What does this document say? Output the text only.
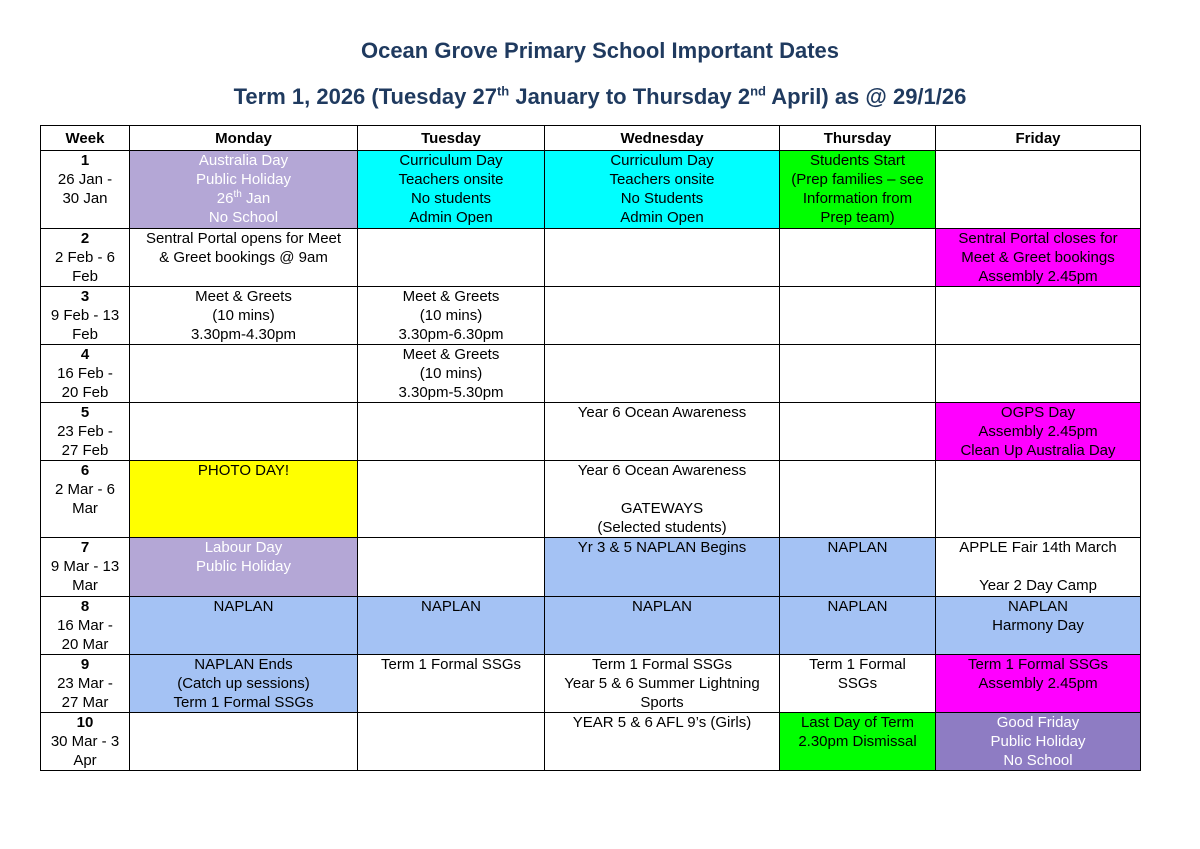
Ocean Grove Primary School Important Dates
Term 1, 2026 (Tuesday 27th January to Thursday 2nd April) as @ 29/1/26
Week	Monday	Tuesday	Wednesday	Thursday	Friday

1
26 Jan -
30 Jan	Australia Day
Public Holiday
26th Jan
No School	Curriculum Day
Teachers onsite
No students
Admin Open	Curriculum Day
Teachers onsite
No Students
Admin Open	Students Start
(Prep families – see
Information from
Prep team)	

2
2 Feb - 6
Feb	Sentral Portal opens for Meet
& Greet bookings @ 9am				Sentral Portal closes for
Meet & Greet bookings
Assembly 2.45pm

3
9 Feb - 13
Feb	Meet & Greets
(10 mins)
3.30pm-4.30pm	Meet & Greets
(10 mins)
3.30pm-6.30pm			

4
16 Feb -
20 Feb		Meet & Greets
(10 mins)
3.30pm-5.30pm			

5
23 Feb -
27 Feb			Year 6 Ocean Awareness		OGPS Day
Assembly 2.45pm
Clean Up Australia Day

6
2 Mar - 6
Mar	PHOTO DAY!		Year 6 Ocean Awareness
GATEWAYS
(Selected students)		

7
9 Mar - 13
Mar	Labour Day
Public Holiday		Yr 3 & 5 NAPLAN Begins	NAPLAN	APPLE Fair 14th March
Year 2 Day Camp

8
16 Mar -
20 Mar	NAPLAN	NAPLAN	NAPLAN	NAPLAN	NAPLAN
Harmony Day

9
23 Mar -
27 Mar	NAPLAN Ends
(Catch up sessions)
Term 1 Formal SSGs	Term 1 Formal SSGs	Term 1 Formal SSGs
Year 5 & 6 Summer Lightning
Sports	Term 1 Formal
SSGs	Term 1 Formal SSGs
Assembly 2.45pm

10
30 Mar - 3
Apr			YEAR 5 & 6 AFL 9’s (Girls)	Last Day of Term
2.30pm Dismissal	Good Friday
Public Holiday
No School
